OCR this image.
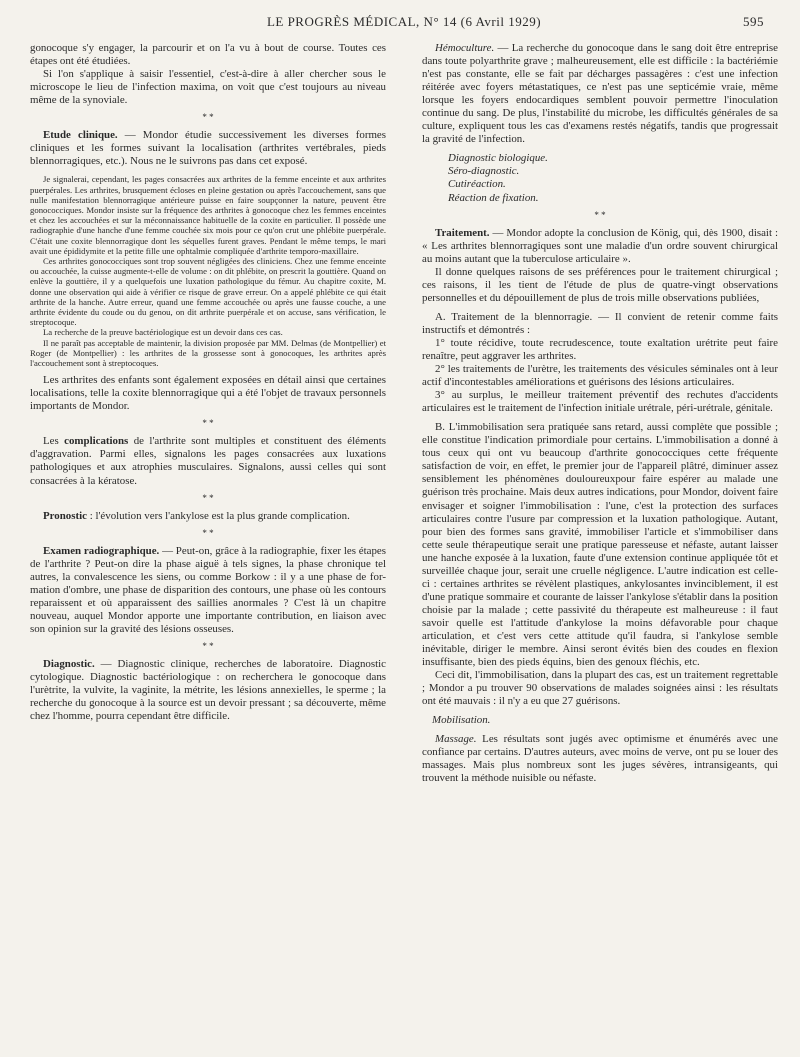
LE PROGRÈS MÉDICAL, N° 14 (6 Avril 1929)	595

gonocoque s'y engager, la parcourir et on l'a vu à bout de course. Toutes ces étapes ont été étudiées.

Si l'on s'applique à saisir l'essentiel, c'est-à-dire à aller chercher sous le microscope le lieu de l'infection maxima, on voit que c'est toujours au niveau même de la synoviale.

* *

Etude clinique. — Mondor étudie successivement les diverses formes cliniques et les formes suivant la localisation (arthrites vertébrales, pieds blennorragiques, etc.). Nous ne le suivrons pas dans cet exposé.

Je signalerai, cependant, les pages consacrées aux arthrites de la femme enceinte et aux arthrites puerpérales. Les arthrites, brusquement écloses en pleine gestation ou après l'accouchement, sans que nulle manifestation blennorragique antérieure puisse en faire soupçonner la nature, peuvent être gonococciques. Mondor insiste sur la fréquence des arthrites à gonocoque chez les femmes enceintes et chez les accouchées et sur la méconnaissance habituelle de la coxite en particulier. Il possède une radiographie d'une hanche d'une femme couchée six mois pour ce qu'on crut une phlébite puerpérale. C'était une coxite blennorragique dont les séquelles furent graves. Pendant le même temps, le mari avait une épididymite et la petite fille une ophtalmie compliquée d'arthrite temporo-maxillaire.

Ces arthrites gonococciques sont trop souvent négligées des cliniciens. Chez une femme enceinte ou accouchée, la cuisse augmente-t-elle de volume : on dit phlébite, on prescrit la gouttière. Quand on enlève la gouttière, il y a quelquefois une luxation pathologique du fémur. Au chapitre coxite, M. donne une observation qui aide à vérifier ce risque de grave erreur. On a appelé phlébite ce qui était arthrite de la hanche. Autre erreur, quand une femme accouchée ou après une fausse couche, a une arthrite évidente du coude ou du genou, on dit arthrite puerpérale et on accuse, sans vérification, le streptocoque.

La recherche de la preuve bactériologique est un devoir dans ces cas.

Il ne paraît pas acceptable de maintenir, la division proposée par MM. Delmas (de Montpellier) et Roger (de Montpellier) : les arthrites de la grossesse sont à gonocoques, les arthrites après l'accouchement sont à streptocoques.

Les arthrites des enfants sont également exposées en détail ainsi que certaines localisations, telle la coxite blennorragique qui a été l'objet de travaux personnels importants de Mondor.

* *

Les complications de l'arthrite sont multiples et constituent des éléments d'aggravation. Parmi elles, signalons les pages consacrées aux luxations pathologiques et aux atrophies musculaires. Signalons, aussi celles qui sont consacrées à la kératose.

* *

Pronostic : l'évolution vers l'ankylose est la plus grande complication.

* *

Examen radiographique. — Peut-on, grâce à la radiographie, fixer les étapes de l'arthrite ? Peut-on dire la phase aiguë à tels signes, la phase chronique tel autres, la convalescence les siens, ou comme Borkow : il y a une phase de for-mation d'ombre, une phase de disparition des contours, une phase où les contours reparaissent et où apparaissent des saillies anormales ? C'est là un chapitre nouveau, auquel Mondor apporte une importante contribution, en liaison avec son opinion sur la gravité des lésions osseuses.

* *

Diagnostic. — Diagnostic clinique, recherches de laboratoire. Diagnostic cytologique. Diagnostic bactériologique : on recherchera le gonocoque dans l'urètrite, la vulvite, la vaginite, la métrite, les lésions annexielles, le sperme ; la recherche du gonocoque à la source est un devoir pressant ; sa découverte, même chez l'homme, pourra cependant être difficile.

Hémoculture. — La recherche du gonocoque dans le sang doit être entreprise dans toute polyarthrite grave ; malheureusement, elle est difficile : la bactériémie n'est pas constante, elle se fait par décharges passagères : c'est une infection réitérée avec foyers métastatiques, ce n'est pas une septicémie vraie, même lorsque les foyers endocardiques semblent pouvoir permettre l'inoculation continue du sang. De plus, l'instabilité du microbe, les difficultés générales de sa culture, expliquent tous les cas d'examens restés négatifs, tandis que progressait la gravité de l'infection.

Diagnostic biologique.

Séro-diagnostic.

Cutiréaction.

Réaction de fixation.

* *

Traitement. — Mondor adopte la conclusion de König, qui, dès 1900, disait : « Les arthrites blennorragiques sont une maladie d'un ordre souvent chirurgical au moins autant que la tuberculose articulaire ».

Il donne quelques raisons de ses préférences pour le traitement chirurgical ; ces raisons, il les tient de l'étude de plus de quatre-vingt observations personnelles et du dépouillement de plus de trois mille observations publiées,

A. Traitement de la blennorragie. — Il convient de retenir comme faits instructifs et démontrés :

1° toute récidive, toute recrudescence, toute exaltation urétrite peut faire renaître, peut aggraver les arthrites.

2° les traitements de l'urètre, les traitements des vésicules séminales ont à leur actif d'incontestables améliorations et guérisons des lésions articulaires.

3° au surplus, le meilleur traitement préventif des rechutes d'accidents articulaires est le traitement de l'infection initiale urétrale, péri-urétrale, génitale.

B. L'immobilisation sera pratiquée sans retard, aussi complète que possible ; elle constitue l'indication primordiale pour certains. L'immobilisation a donné à tous ceux qui ont vu beaucoup d'arthrite gonococciques cette fréquente satisfaction de voir, en effet, le premier jour de l'appareil plâtré, diminuer assez sensiblement les phénomènes douloureuxpour faire espérer au malade une guérison très prochaine. Mais deux autres indications, pour Mondor, doivent faire envisager et soigner l'immobilisation : l'une, c'est la protection des surfaces articulaires contre l'usure par compression et la luxation pathologique. Autant, pour bien des formes sans gravité, immobiliser l'article et s'immobiliser dans cette seule thérapeutique serait une pratique paresseuse et néfaste, autant laisser une hanche exposée à la luxation, faute d'une extension continue appliquée tôt et surveillée chaque jour, serait une cruelle négligence. L'autre indication est celle-ci : certaines arthrites se révèlent plastiques, ankylosantes invinciblement, il est d'une pratique sommaire et courante de laisser l'ankylose s'établir dans la position choisie par la malade ; cette passivité du thérapeute est malheureuse : il faut savoir quelle est l'attitude d'ankylose la moins défavorable pour chaque articulation, et c'est vers cette attitude qu'il faudra, si l'ankylose semble inévitable, diriger le membre. Ainsi seront évités bien des coudes en flexion insuffisante, bien des pieds équins, bien des genoux fléchis, etc.

Ceci dit, l'immobilisation, dans la plupart des cas, est un traitement regrettable ; Mondor a pu trouver 90 observations de malades soignées ainsi : les résultats ont été mauvais : il n'y a eu que 27 guérisons.

Mobilisation.

Massage. Les résultats sont jugés avec optimisme et énumérés avec une confiance par certains. D'autres auteurs, avec moins de verve, ont pu se louer des massages. Mais plus nombreux sont les juges sévères, intransigeants, qui trouvent la méthode nuisible ou néfaste.
